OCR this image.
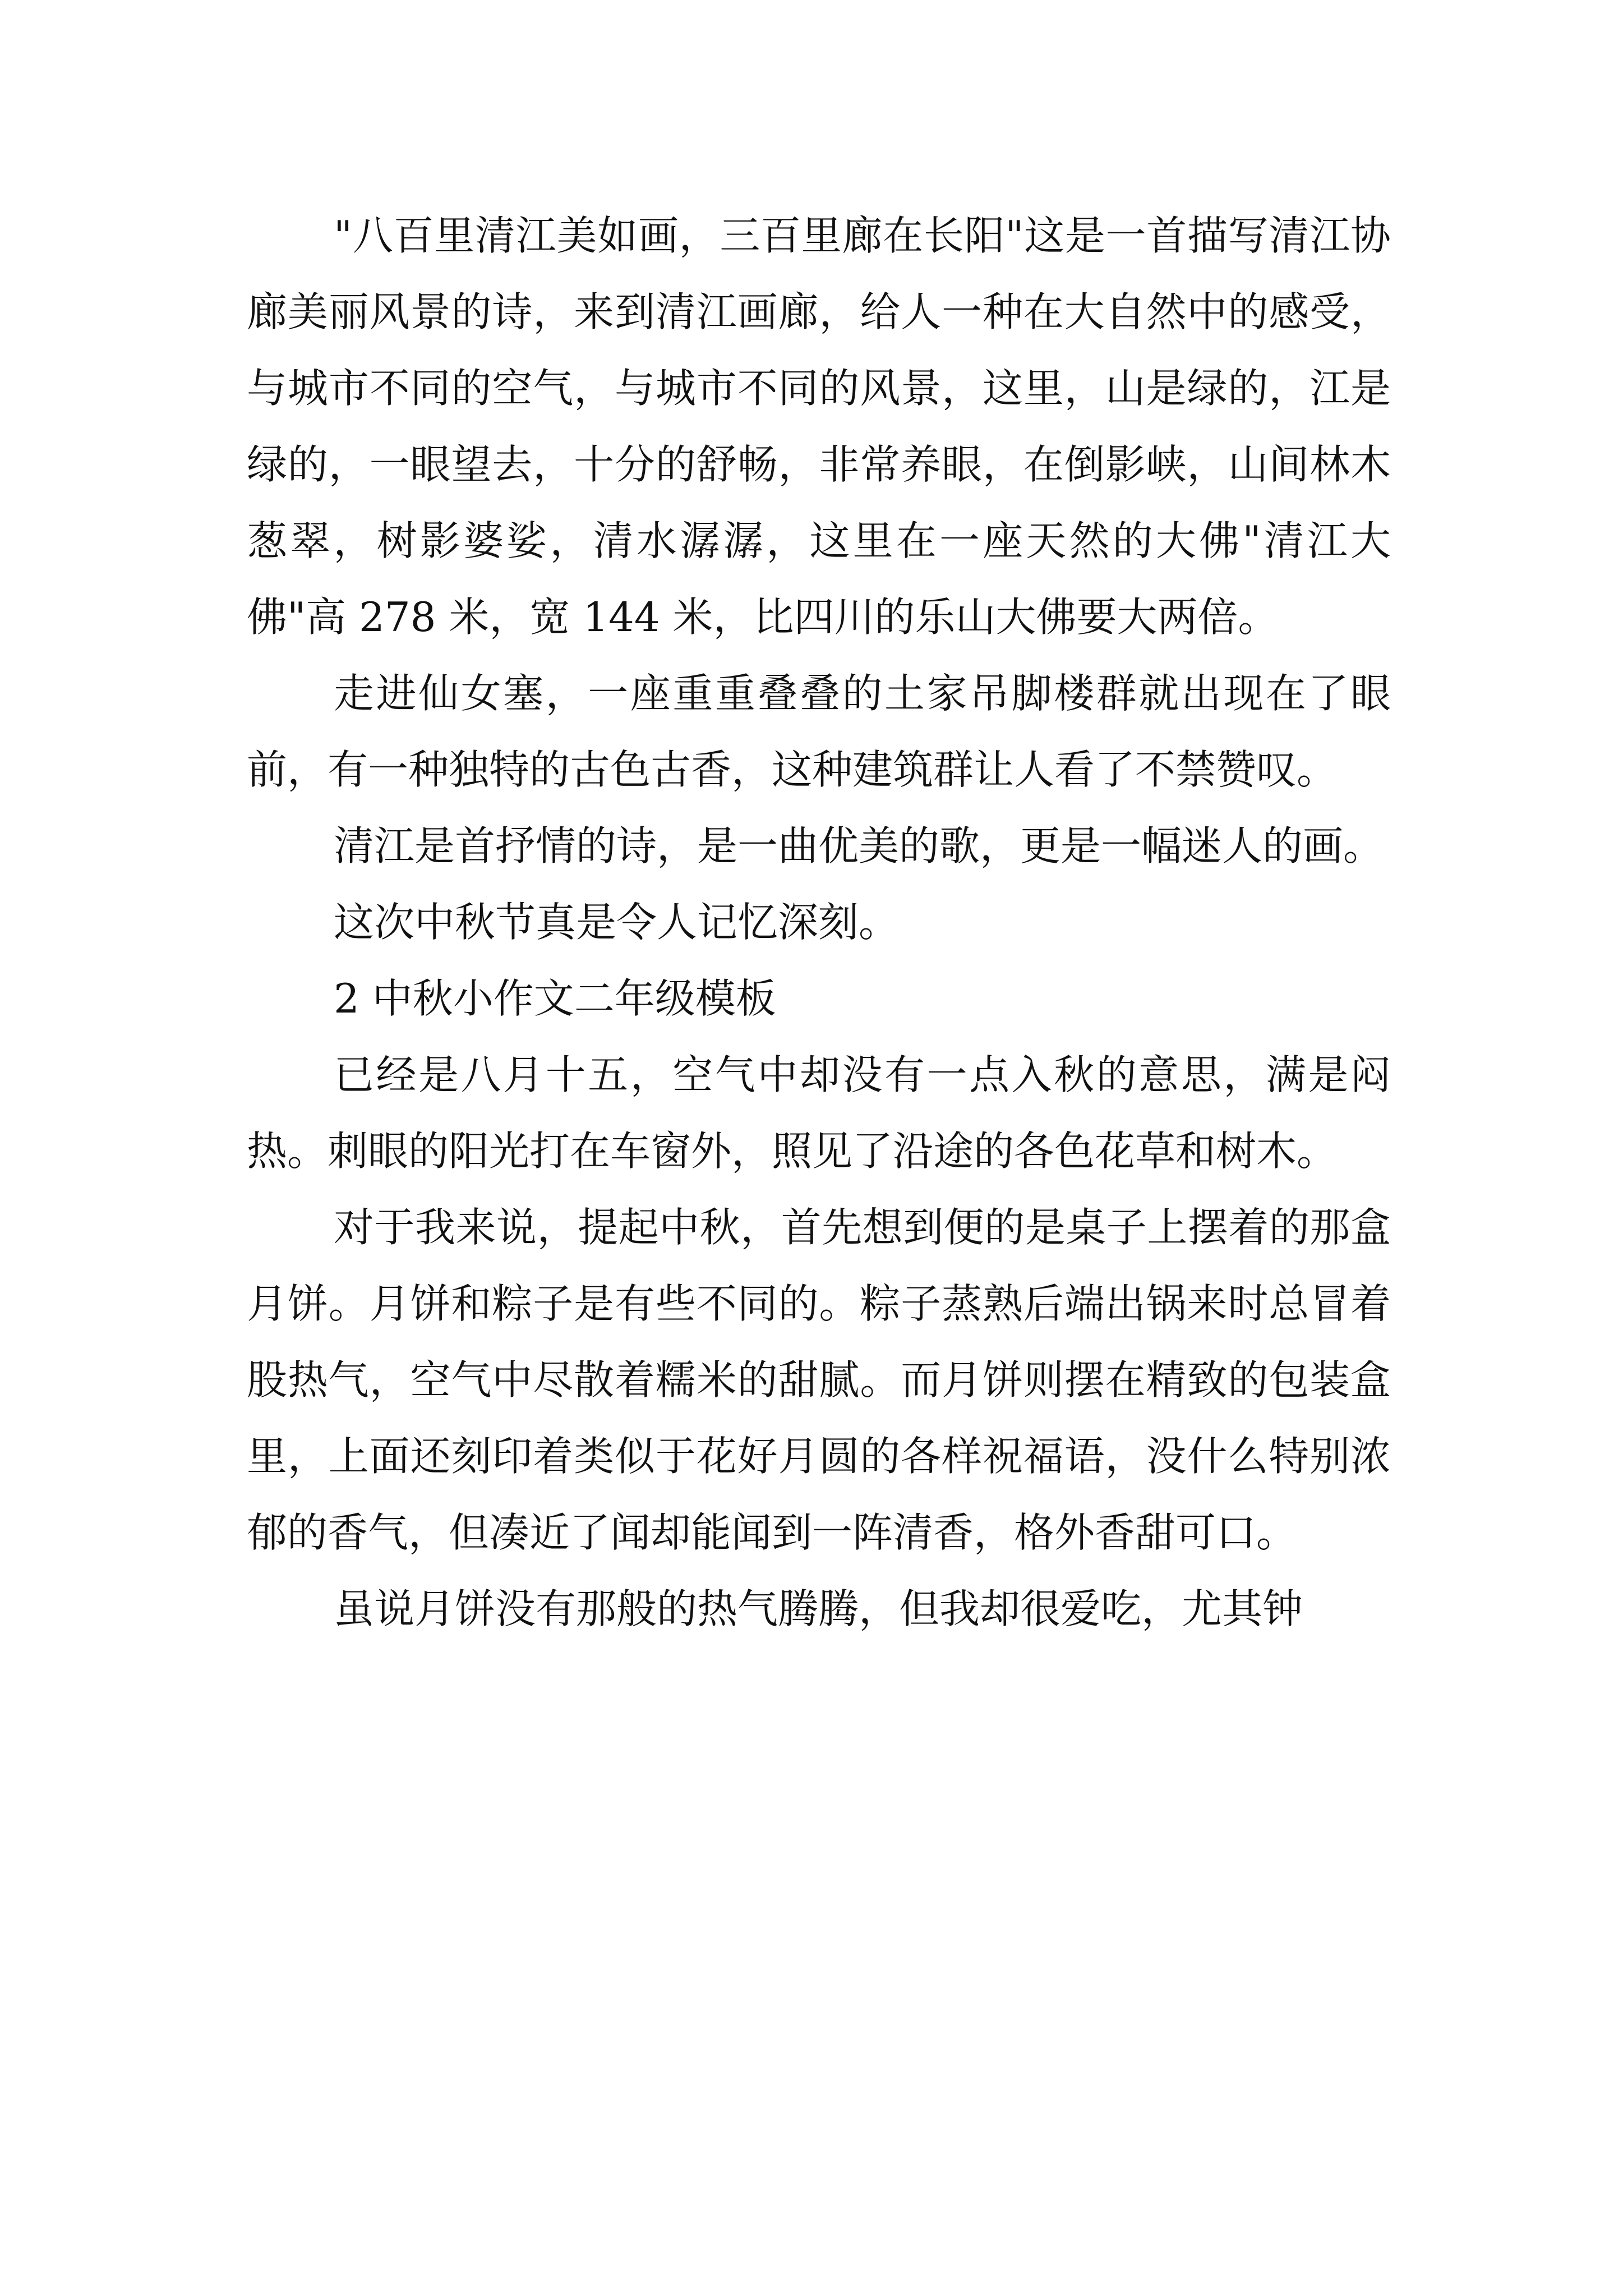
"八百里清江美如画，三百里廊在长阳"这是一首描写清江协廊美丽风景的诗，来到清江画廊，给人一种在大自然中的感受，与城市不同的空气，与城市不同的风景，这里，山是绿的，江是绿的，一眼望去，十分的舒畅，非常养眼，在倒影峡，山间林木葱翠，树影婆娑，清水潺潺，这里在一座天然的大佛"清江大佛"高 278 米，宽 144 米，比四川的乐山大佛要大两倍。

走进仙女塞，一座重重叠叠的土家吊脚楼群就出现在了眼前，有一种独特的古色古香，这种建筑群让人看了不禁赞叹。

清江是首抒情的诗，是一曲优美的歌，更是一幅迷人的画。

这次中秋节真是令人记忆深刻。

2 中秋小作文二年级模板

已经是八月十五，空气中却没有一点入秋的意思，满是闷热。刺眼的阳光打在车窗外，照见了沿途的各色花草和树木。

对于我来说，提起中秋，首先想到便的是桌子上摆着的那盒月饼。月饼和粽子是有些不同的。粽子蒸熟后端出锅来时总冒着股热气，空气中尽散着糯米的甜腻。而月饼则摆在精致的包装盒里，上面还刻印着类似于花好月圆的各样祝福语，没什么特别浓郁的香气，但凑近了闻却能闻到一阵清香，格外香甜可口。

虽说月饼没有那般的热气腾腾，但我却很爱吃，尤其钟
